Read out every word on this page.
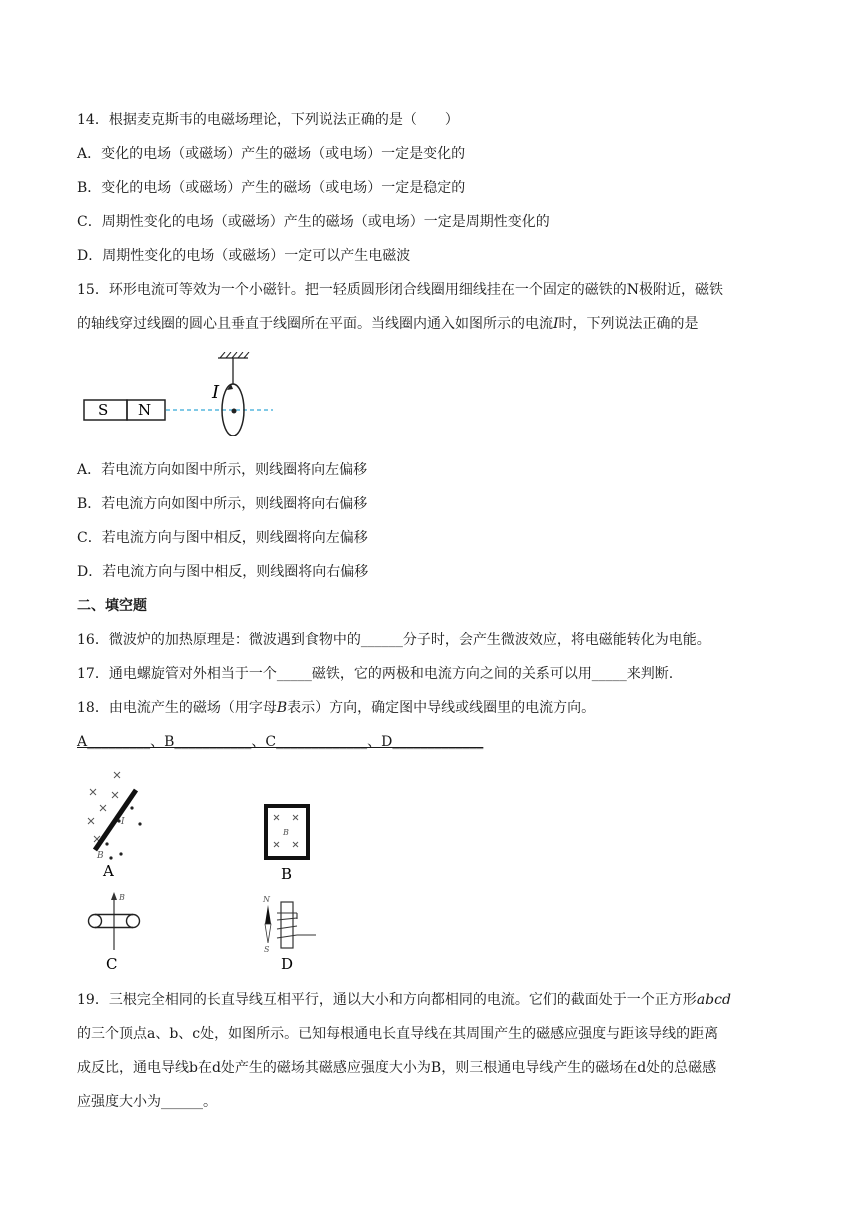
14．根据麦克斯韦的电磁场理论，下列说法正确的是（　　）
A．变化的电场（或磁场）产生的磁场（或电场）一定是变化的
B．变化的电场（或磁场）产生的磁场（或电场）一定是稳定的
C．周期性变化的电场（或磁场）产生的磁场（或电场）一定是周期性变化的
D．周期性变化的电场（或磁场）一定可以产生电磁波
15．环形电流可等效为一个小磁针。把一轻质圆形闭合线圈用细线挂在一个固定的磁铁的N极附近，磁铁
的轴线穿过线圈的圆心且垂直于线圈所在平面。当线圈内通入如图所示的电流I时，下列说法正确的是
S N
I
A．若电流方向如图中所示，则线圈将向左偏移
B．若电流方向如图中所示，则线圈将向右偏移
C．若电流方向与图中相反，则线圈将向左偏移
D．若电流方向与图中相反，则线圈将向右偏移
二、填空题
16．微波炉的加热原理是：微波遇到食物中的______分子时，会产生微波效应，将电磁能转化为电能。
17．通电螺旋管对外相当于一个_____磁铁，它的两极和电流方向之间的关系可以用_____来判断.
18．由电流产生的磁场（用字母B表示）方向，确定图中导线或线圈里的电流方向。
A_________、B___________、C_____________、D_____________
I
B
A
B
B
B
C
N
S
D
19．三根完全相同的长直导线互相平行，通以大小和方向都相同的电流。它们的截面处于一个正方形abcd
的三个顶点a、b、c处，如图所示。已知每根通电长直导线在其周围产生的磁感应强度与距该导线的距离
成反比，通电导线b在d处产生的磁场其磁感应强度大小为B，则三根通电导线产生的磁场在d处的总磁感
应强度大小为______。
